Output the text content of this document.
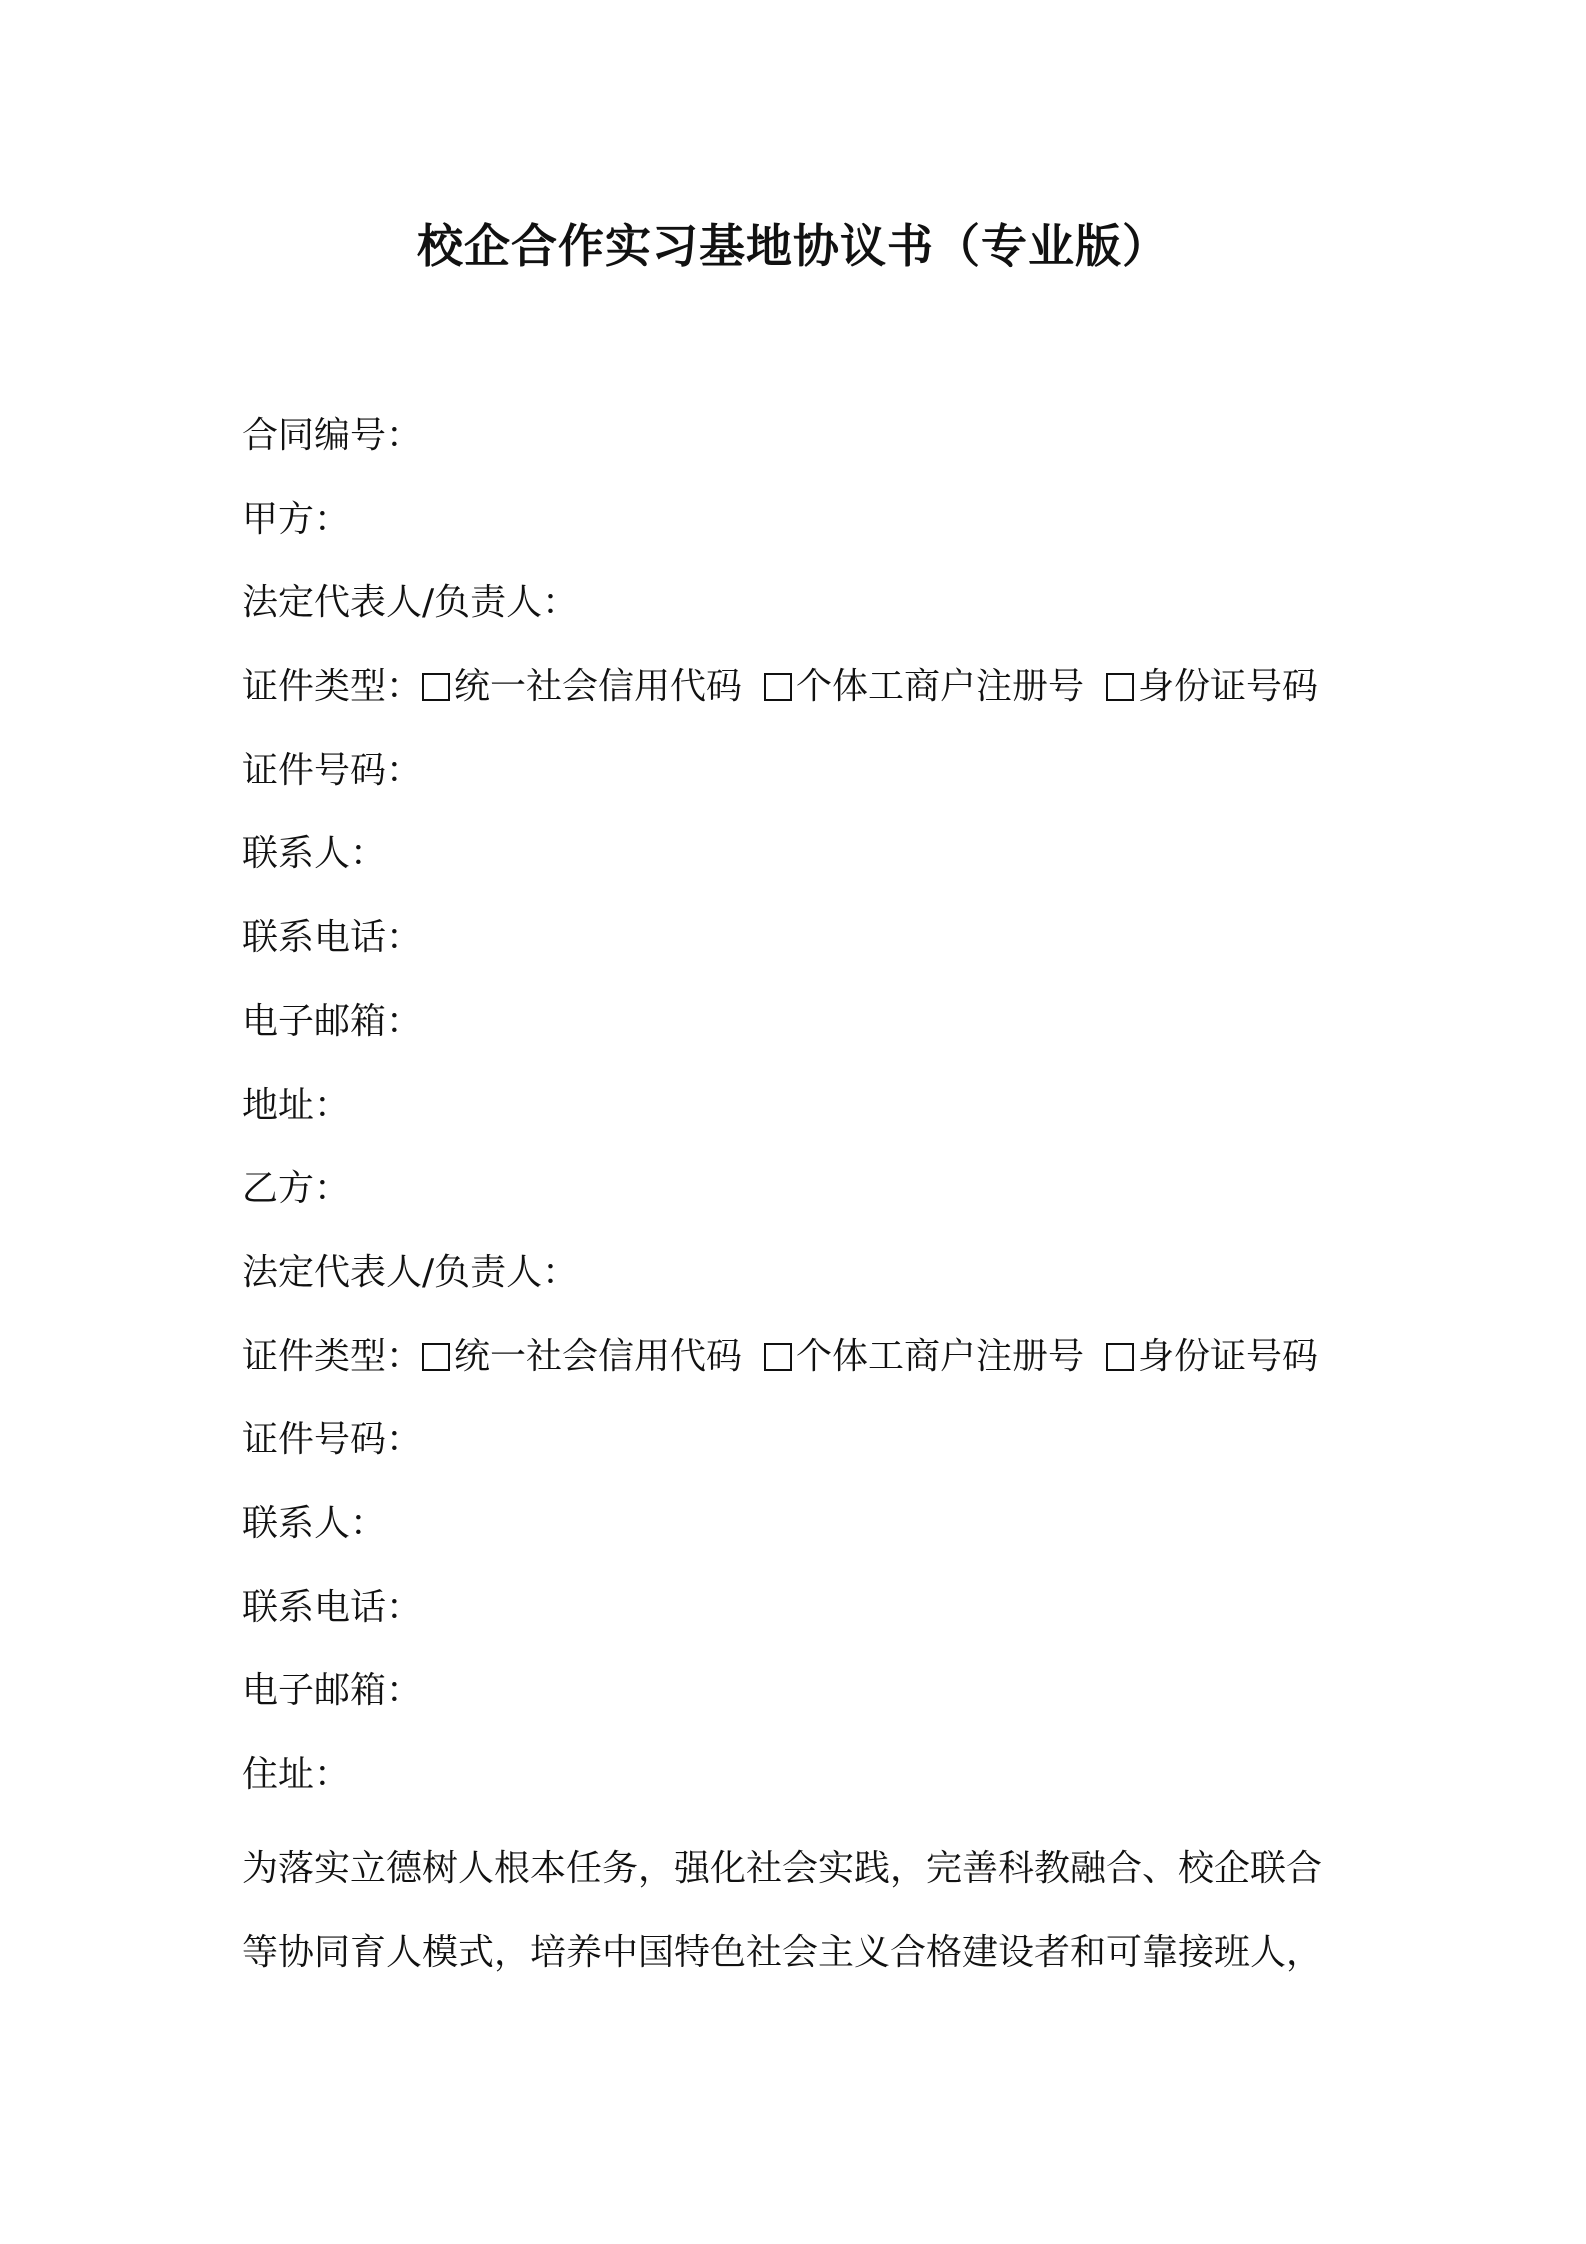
校企合作实习基地协议书（专业版）
合同编号：
甲方：
法定代表人/负责人：
证件类型： 统一社会信用代码 个体工商户注册号 身份证号码
证件号码：
联系人：
联系电话：
电子邮箱：
地址：
乙方：
法定代表人/负责人：
证件类型： 统一社会信用代码 个体工商户注册号 身份证号码
证件号码：
联系人：
联系电话：
电子邮箱：
住址：
为落实立德树人根本任务，强化社会实践，完善科教融合、校企联合
等协同育人模式，培养中国特色社会主义合格建设者和可靠接班人，
